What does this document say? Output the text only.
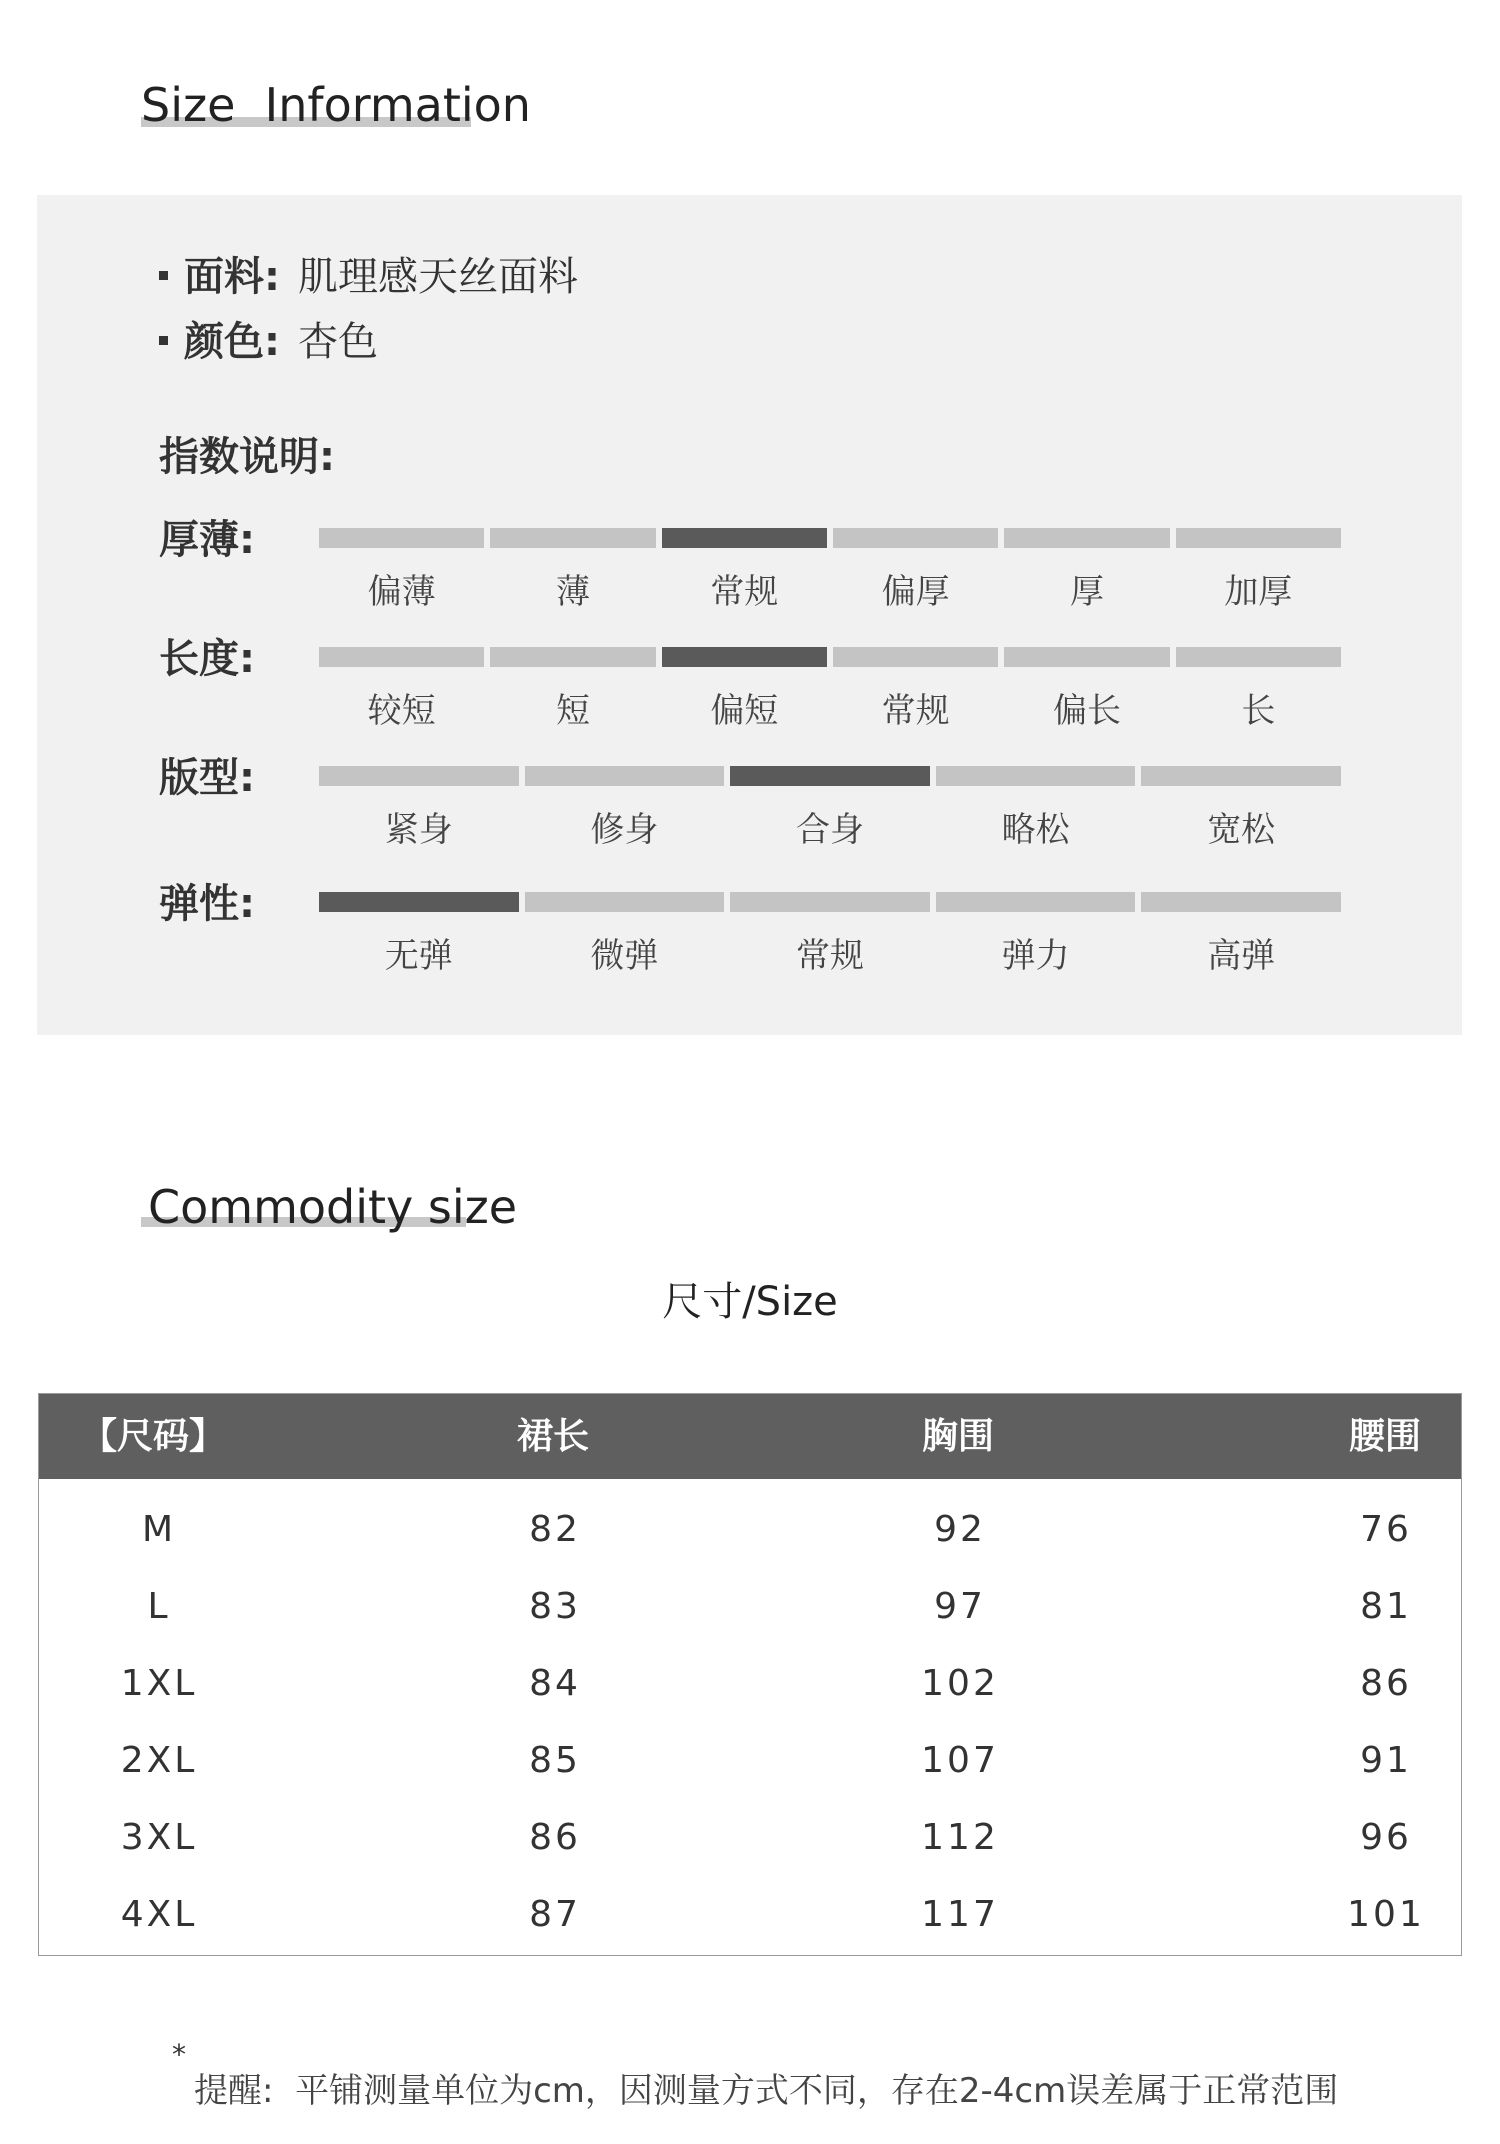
Size  Information
面料: 肌理感天丝面料
颜色: 杏色
指数说明:
厚薄:
偏薄	薄	常规	偏厚	厚	加厚
长度:
较短	短	偏短	常规	偏长	长
版型:
紧身	修身	合身	略松	宽松
弹性:
无弹	微弹	常规	弹力	高弹
Commodity size
尺寸/Size
【尺码】	裙长	胸围	腰围
M	82	92	76
L	83	97	81
1XL	84	102	86
2XL	85	107	91
3XL	86	112	96
4XL	87	117	101
*
提醒:  平铺测量单位为cm，因测量方式不同，存在2-4cm误差属于正常范围
